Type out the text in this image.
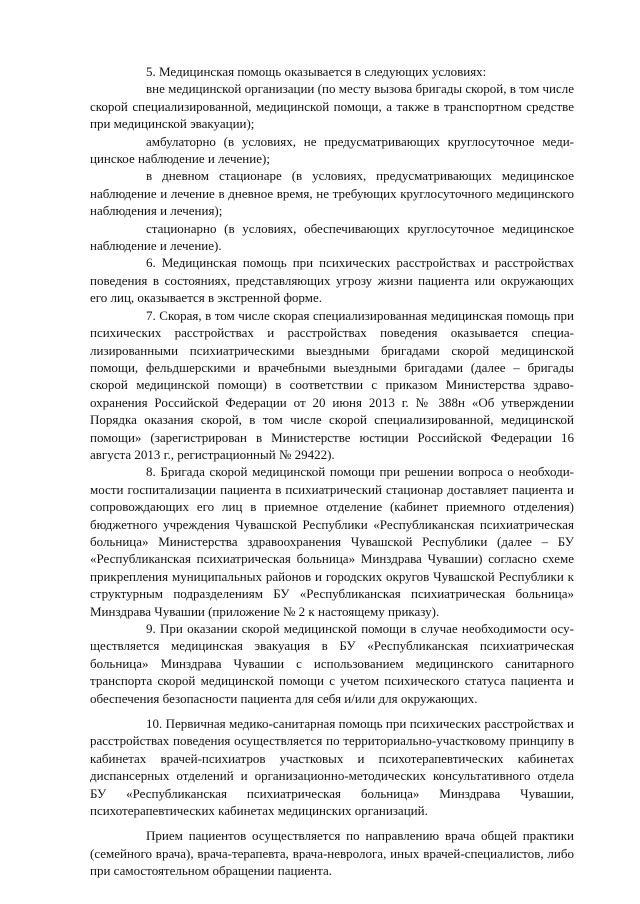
5. Медицинская помощь оказывается в следующих условиях:

вне медицинской организации (по месту вызова бригады скорой, в том числе скорой специализированной, медицинской помощи, а также в транспортном средстве при медицинской эвакуации);

амбулаторно (в условиях, не предусматривающих круглосуточное медицинское наблюдение и лечение);

в дневном стационаре (в условиях, предусматривающих медицинское наблюдение и лечение в дневное время, не требующих круглосуточного медицинского наблюдения и лечения);

стационарно (в условиях, обеспечивающих круглосуточное медицинское наблюдение и лечение).

6. Медицинская помощь при психических расстройствах и расстройствах поведения в состояниях, представляющих угрозу жизни пациента или окружающих его лиц, оказывается в экстренной форме.

7. Скорая, в том числе скорая специализированная медицинская помощь при психических расстройствах и расстройствах поведения оказывается специализированными психиатрическими выездными бригадами скорой медицинской помощи, фельдшерскими и врачебными выездными бригадами (далее – бригады скорой медицинской помощи) в соответствии с приказом Министерства здравоохранения Российской Федерации от 20 июня 2013 г. № 388н «Об утверждении Порядка оказания скорой, в том числе скорой специализированной, медицинской помощи» (зарегистрирован в Министерстве юстиции Российской Федерации 16 августа 2013 г., регистрационный № 29422).

8. Бригада скорой медицинской помощи при решении вопроса о необходимости госпитализации пациента в психиатрический стационар доставляет пациента и сопровождающих его лиц в приемное отделение (кабинет приемного отделения) бюджетного учреждения Чувашской Республики «Республиканская психиатрическая больница» Министерства здравоохранения Чувашской Республики (далее – БУ «Республиканская психиатрическая больница» Минздрава Чувашии) согласно схеме прикрепления муниципальных районов и городских округов Чувашской Республики к структурным подразделениям БУ «Республиканская психиатрическая больница» Минздрава Чувашии (приложение № 2 к настоящему приказу).

9. При оказании скорой медицинской помощи в случае необходимости осуществляется медицинская эвакуация в БУ «Республиканская психиатрическая больница» Минздрава Чувашии с использованием медицинского санитарного транспорта скорой медицинской помощи с учетом психического статуса пациента и обеспечения безопасности пациента для себя и/или для окружающих.

10. Первичная медико-санитарная помощь при психических расстройствах и расстройствах поведения осуществляется по территориально-участковому принципу в кабинетах врачей-психиатров участковых и психотерапевтических кабинетах диспансерных отделений и организационно-методических консультативного отдела БУ «Республиканская психиатрическая больница» Минздрава Чувашии, психотерапевтических кабинетах медицинских организаций.

Прием пациентов осуществляется по направлению врача общей практики (семейного врача), врача-терапевта, врача-невролога, иных врачей-специалистов, либо при самостоятельном обращении пациента.
